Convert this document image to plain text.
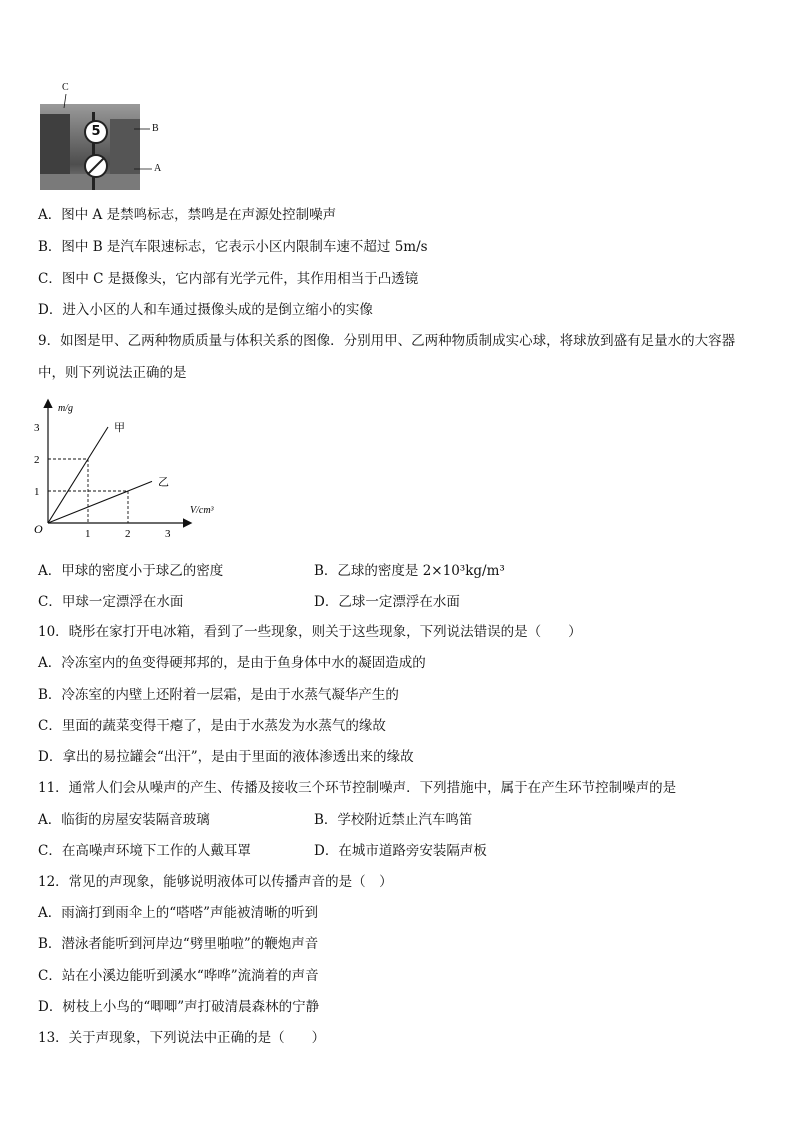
5
C
B
A
A．图中 A 是禁鸣标志，禁鸣是在声源处控制噪声
B．图中 B 是汽车限速标志，它表示小区内限制车速不超过 5m/s
C．图中 C 是摄像头，它内部有光学元件，其作用相当于凸透镜
D．进入小区的人和车通过摄像头成的是倒立缩小的实像
9．如图是甲、乙两种物质质量与体积关系的图像．分别用甲、乙两种物质制成实心球，将球放到盛有足量水的大容器
中，则下列说法正确的是
甲
乙
1	2	3
1
2
3
O
V/cm³
m/g
A．甲球的密度小于球乙的密度	B．乙球的密度是 2×10³kg/m³
C．甲球一定漂浮在水面	D．乙球一定漂浮在水面
10．晓彤在家打开电冰箱，看到了一些现象，则关于这些现象，下列说法错误的是（　　）
A．冷冻室内的鱼变得硬邦邦的，是由于鱼身体中水的凝固造成的
B．冷冻室的内壁上还附着一层霜，是由于水蒸气凝华产生的
C．里面的蔬菜变得干瘪了，是由于水蒸发为水蒸气的缘故
D．拿出的易拉罐会“出汗”，是由于里面的液体渗透出来的缘故
11．通常人们会从噪声的产生、传播及接收三个环节控制噪声．下列措施中，属于在产生环节控制噪声的是
A．临街的房屋安装隔音玻璃	B．学校附近禁止汽车鸣笛
C．在高噪声环境下工作的人戴耳罩	D．在城市道路旁安装隔声板
12．常见的声现象，能够说明液体可以传播声音的是（　）
A．雨滴打到雨伞上的“嗒嗒”声能被清晰的听到
B．潜泳者能听到河岸边“劈里啪啦”的鞭炮声音
C．站在小溪边能听到溪水“哗哗”流淌着的声音
D．树枝上小鸟的“唧唧”声打破清晨森林的宁静
13．关于声现象，下列说法中正确的是（　　）
